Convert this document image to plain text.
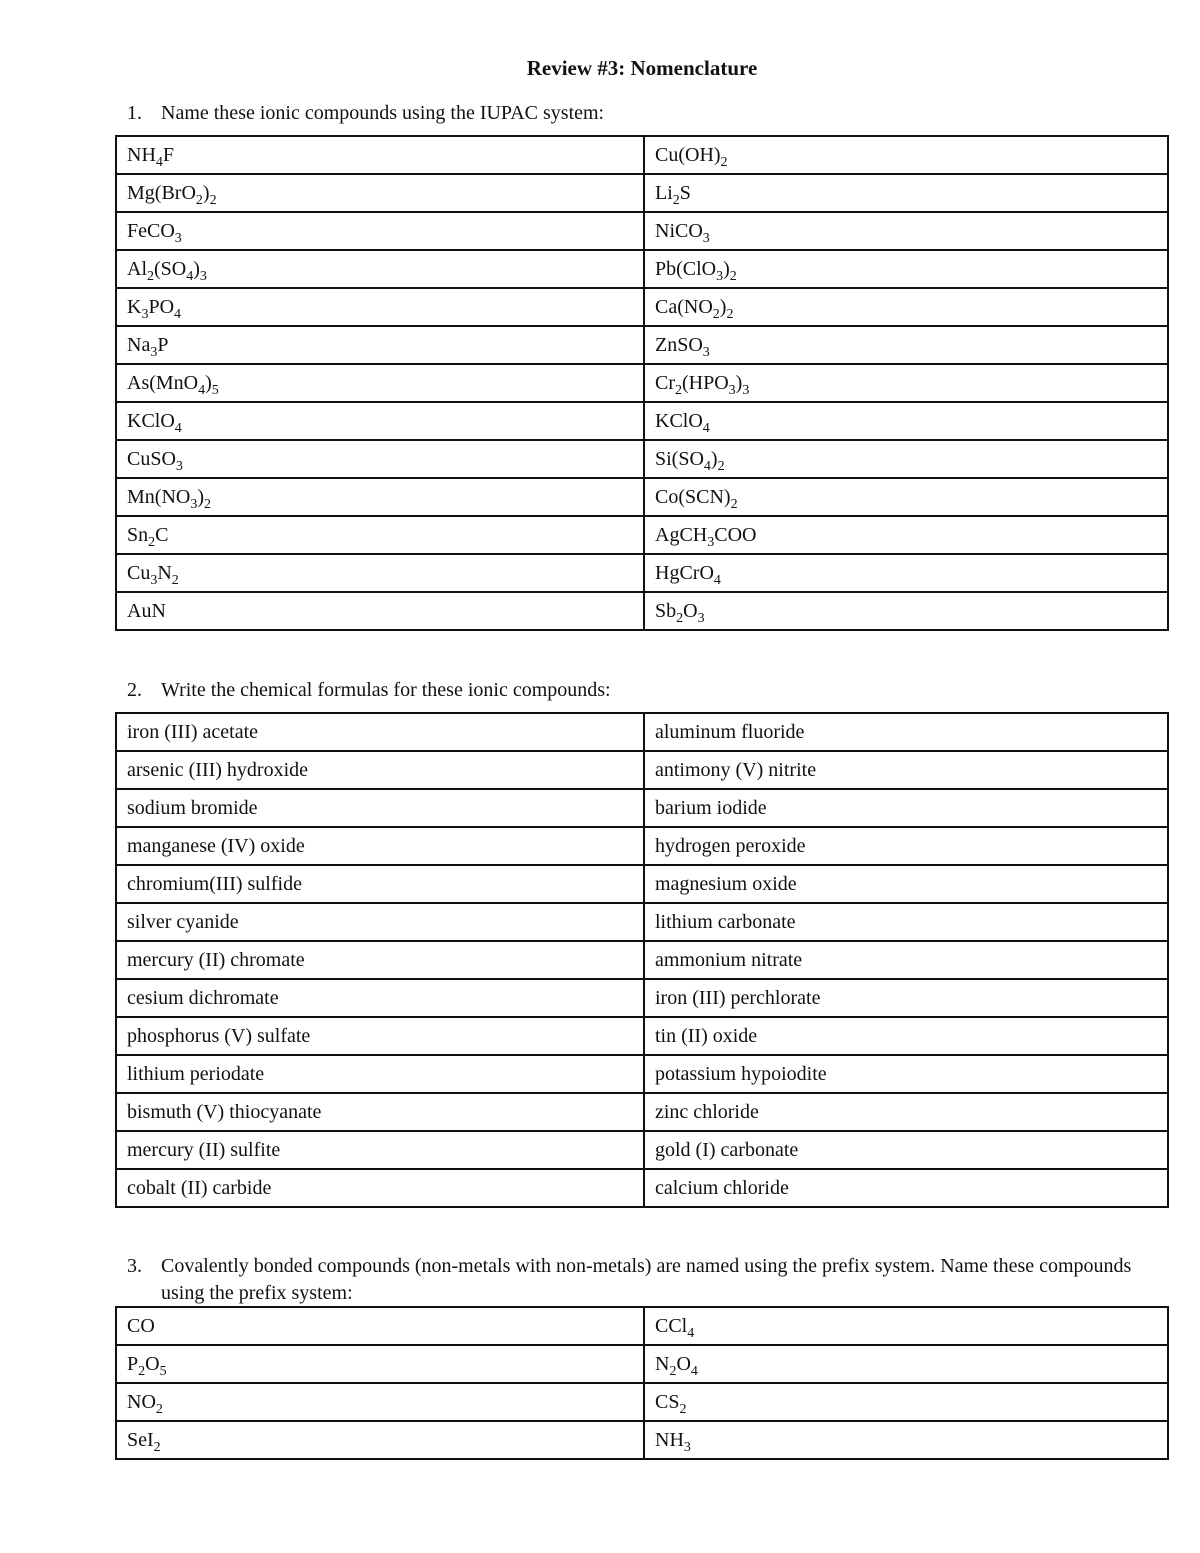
Review #3: Nomenclature
1. Name these ionic compounds using the IUPAC system:
$NH_4F$	$Cu(OH)_2$
$Mg(BrO_2)_2$	$Li_2S$
FeCO$_3$	NiCO$_3$
$Al_2(SO_4)_3$	$Pb(ClO_3)_2$
$K_3PO_4$	$Ca(NO_2)_2$
$Na_3P$	ZnSO$_3$
$As(MnO_4)_5$	$Cr_2(HPO_3)_3$
KClO$_4$	KClO$_4$
CuSO$_3$	$Si(SO_4)_2$
$Mn(NO_3)_2$	$Co(SCN)_2$
$Sn_2C$	AgCH$_3$COO
$Cu_3N_2$	HgCrO$_4$
AuN	$Sb_2O_3$
2. Write the chemical formulas for these ionic compounds:
iron (III) acetate	aluminum fluoride
arsenic (III) hydroxide	antimony (V) nitrite
sodium bromide	barium iodide
manganese (IV) oxide	hydrogen peroxide
chromium(III) sulfide	magnesium oxide
silver cyanide	lithium carbonate
mercury (II) chromate	ammonium nitrate
cesium dichromate	iron (III) perchlorate
phosphorus (V) sulfate	tin (II) oxide
lithium periodate	potassium hypoiodite
bismuth (V) thiocyanate	zinc chloride
mercury (II) sulfite	gold (I) carbonate
cobalt (II) carbide	calcium chloride
3. Covalently bonded compounds (non-metals with non-metals) are named using the prefix system. Name these compounds using the prefix system:
CO	CCl$_4$
$P_2O_5$	$N_2O_4$
$NO_2$	$CS_2$
SeI$_2$	$NH_3$
